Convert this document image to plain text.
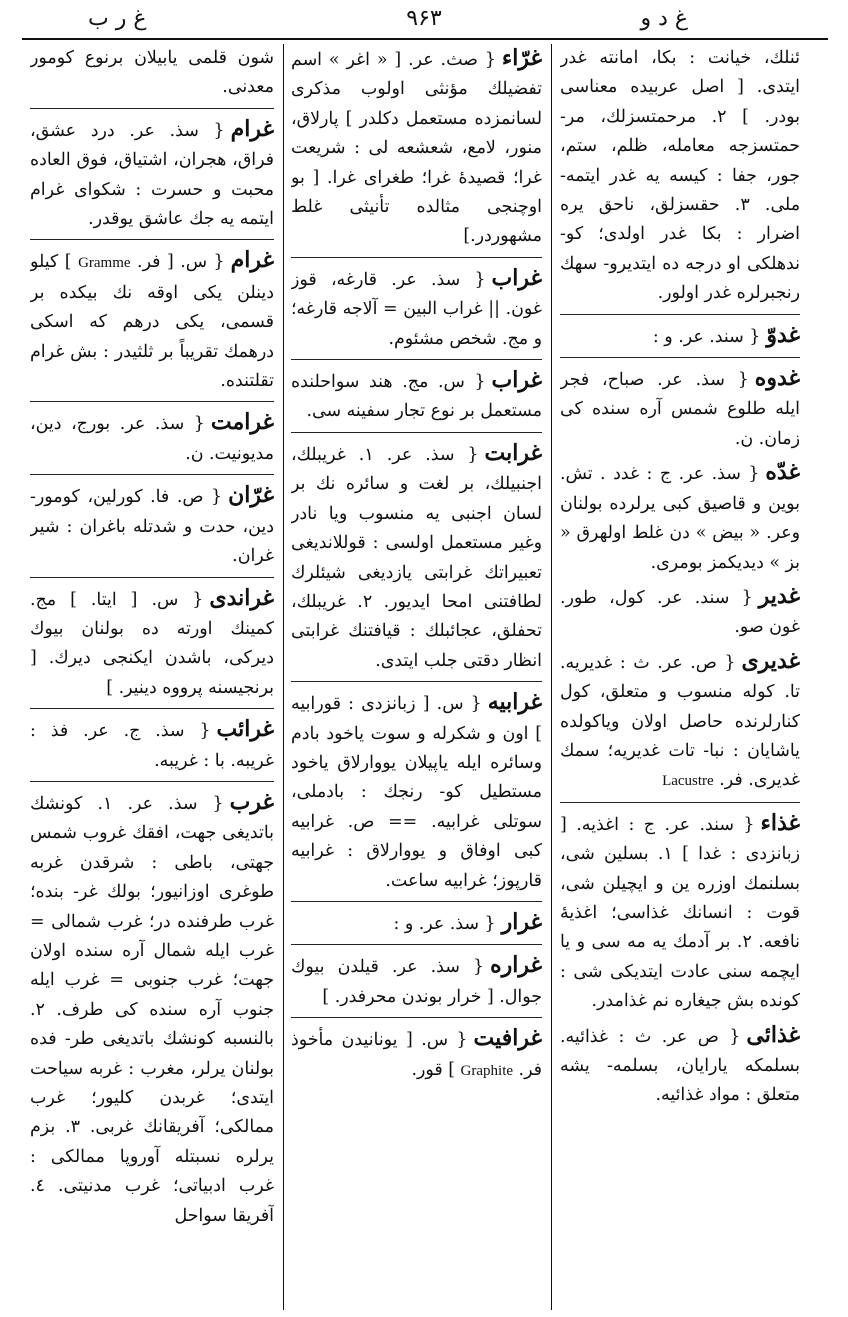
غ ر ب	۹۶۳	غ د و
ئنلك، خيانت : بكا، امانته غدر ايتدى. [ اصل عربيده معناسى بودر. ] ۲. مرحمتسزلك، مر- حمتسزجه معامله، ظلم، ستم، جور، جفا : كيسه يه غدر ايتمه- ملى. ۳. حقسزلق، ناحق يره اضرار : بكا غدر اولدى؛ كو- ندهلكى او درجه ده ايتديرو- سهك رنجبرلره غدر اولور.
غدوّ{ سند. عر. و :
غدوه{ سذ. عر. صباح، فجر ايله طلوع شمس آره سنده كى زمان. ن.
غدّه{ سذ. عر. ج : غدد . تش. بوين و قاصيق كبى يرلرده بولنان وعر. « بيض » دن غلط اولهرق « بز » ديديكمز بومرى.
غدير{ سند. عر. كول، طور. غون صو.
غديرى{ ص. عر. ث : غديريه. تا. كوله منسوب و متعلق، كول كنارلرنده حاصل اولان وياكولده ياشايان : نبا- تات غديريه؛ سمك غديرى. فر. Lacustre
غذاء{ سند. عر. ج : اغذيه. [ زبانزدى : غدا ] ۱. بسلين شى، بسلنمك اوزره ين و ايچيلن شى، قوت : انسانك غذاسى؛ اغذيهٔ نافعه. ۲. بر آدمك يه مه سى و يا ايچمه سنى عادت ايتديكى شى : كونده بش جيغاره نم غذامدر.
غذائى{ ص عر. ث : غذائيه. بسلمكه يارايان، بسلمه- يشه متعلق : مواد غذائيه.
غرّاء{ صث. عر. [ « اغر » اسم تفضيلك مؤنثى اولوب مذكرى لسانمزده مستعمل دكلدر ] پارلاق، منور، لامع، شعشعه لى : شريعت غرا؛ قصيدهٔ غرا؛ طغراى غرا. [ بو اوچنجى مثالده تأنيثى غلط مشهوردر.]
غراب{ سذ. عر. قارغه، قوز غون. || غراب البين = آلاجه قارغه؛ و مج. شخص مشئوم.
غراب{ س. مج. هند سواحلنده مستعمل بر نوع تجار سفينه سى.
غرابت{ سذ. عر. ۱. غريبلك، اجنبيلك، بر لغت و سائره نك بر لسان اجنبى يه منسوب ويا نادر وغير مستعمل اولسى : قوللانديغى تعبيراتك غرابتى يازديغى شيئلرك لطافتنى امحا ايديور. ۲. غريبلك، تحفلق، عجائبلك : قيافتنك غرابتى انظار دقتى جلب ايتدى.
غرابيه{ س. [ زبانزدى : قورابيه ] اون و شكرله و سوت ياخود بادم وسائره ايله ياپيلان يووارلاق ياخود مستطيل كو- رنجك : بادملى، سوتلى غرابيه. == ص. غرابيه كبى اوفاق و يووارلاق : غرابيه قارپوز؛ غرابيه ساعت.
غرار{ سذ. عر. و :
غراره{ سذ. عر. قيلدن بيوك جوال. [ خرار بوندن محرفدر. ]
غرافيت{ س. [ يونانيدن مأخوذ فر. Graphite ] قور.
شون قلمى يابيلان برنوع كومور معدنى.
غرام{ سذ. عر. درد عشق، فراق، هجران، اشتياق، فوق العاده محبت و حسرت : شكواى غرام ايتمه يه جك عاشق يوقدر.
غرام{ س. [ فر. Gramme ] كيلو دينلن يكى اوقه نك بيكده بر قسمى، يكى درهم كه اسكى درهمك تقريباً بر ثلثيدر : بش غرام تقلتنده.
غرامت{ سذ. عر. بورج، دين، مديونيت. ن.
غرّان{ ص. فا. كورلين، كومور- دين، حدت و شدتله باغران : شير غران.
غراندى{ س. [ ايتا. ] مج. كمينك اورته ده بولنان بيوك ديركى، باشدن ايكنجى ديرك. [ برنجيسنه پرووه دينير. ]
غرائب{ سذ. ج. عر. فذ : غريبه. با : غريبه.
غرب{ سذ. عر. ۱. كونشك باتديغى جهت، افقك غروب شمس جهتى، باطى : شرقدن غربه طوغرى اوزانيور؛ بولك غر- بنده؛ غرب طرفنده در؛ غرب شمالى = غرب ايله شمال آره سنده اولان جهت؛ غرب جنوبى = غرب ايله جنوب آره سنده كى طرف. ۲. بالنسبه كونشك باتديغى طر- فده بولنان يرلر، مغرب : غربه سياحت ايتدى؛ غربدن كليور؛ غرب ممالكى؛ آفريقانك غربى. ۳. بزم يرلره نسبتله آوروپا ممالكى : غرب ادبياتى؛ غرب مدنيتى. ٤. آفريقا سواحل
